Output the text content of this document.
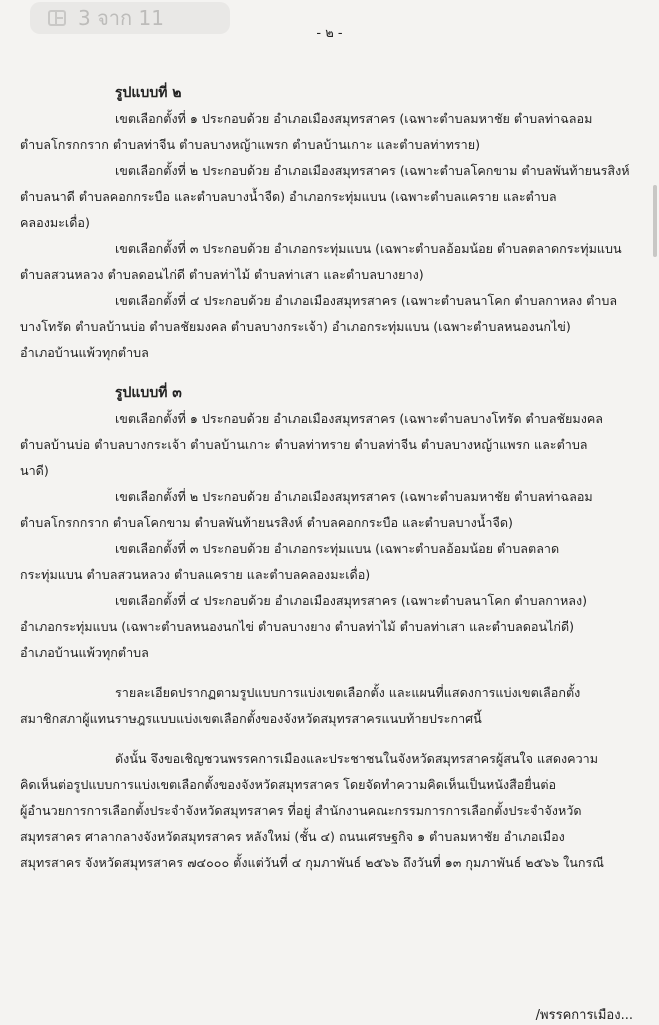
3 จาก 11
- ๒ -

รูปแบบที่ ๒

เขตเลือกตั้งที่ ๑ ประกอบด้วย อำเภอเมืองสมุทรสาคร (เฉพาะตำบลมหาชัย ตำบลท่าฉลอม

ตำบลโกรกกราก ตำบลท่าจีน ตำบลบางหญ้าแพรก ตำบลบ้านเกาะ และตำบลท่าทราย)

เขตเลือกตั้งที่ ๒ ประกอบด้วย อำเภอเมืองสมุทรสาคร (เฉพาะตำบลโคกขาม ตำบลพันท้ายนรสิงห์

ตำบลนาดี ตำบลคอกกระบือ และตำบลบางน้ำจืด) อำเภอกระทุ่มแบน (เฉพาะตำบลแคราย และตำบล

คลองมะเดื่อ)

เขตเลือกตั้งที่ ๓ ประกอบด้วย อำเภอกระทุ่มแบน (เฉพาะตำบลอ้อมน้อย ตำบลตลาดกระทุ่มแบน

ตำบลสวนหลวง ตำบลดอนไก่ดี ตำบลท่าไม้ ตำบลท่าเสา และตำบลบางยาง)

เขตเลือกตั้งที่ ๔ ประกอบด้วย อำเภอเมืองสมุทรสาคร (เฉพาะตำบลนาโคก ตำบลกาหลง ตำบล

บางโทรัด ตำบลบ้านบ่อ ตำบลชัยมงคล ตำบลบางกระเจ้า) อำเภอกระทุ่มแบน (เฉพาะตำบลหนองนกไข่)

อำเภอบ้านแพ้วทุกตำบล

รูปแบบที่ ๓

เขตเลือกตั้งที่ ๑ ประกอบด้วย อำเภอเมืองสมุทรสาคร (เฉพาะตำบลบางโทรัด ตำบลชัยมงคล

ตำบลบ้านบ่อ ตำบลบางกระเจ้า ตำบลบ้านเกาะ ตำบลท่าทราย ตำบลท่าจีน ตำบลบางหญ้าแพรก และตำบล

นาดี)

เขตเลือกตั้งที่ ๒ ประกอบด้วย อำเภอเมืองสมุทรสาคร (เฉพาะตำบลมหาชัย ตำบลท่าฉลอม

ตำบลโกรกกราก ตำบลโคกขาม ตำบลพันท้ายนรสิงห์ ตำบลคอกกระบือ และตำบลบางน้ำจืด)

เขตเลือกตั้งที่ ๓ ประกอบด้วย อำเภอกระทุ่มแบน (เฉพาะตำบลอ้อมน้อย ตำบลตลาด

กระทุ่มแบน ตำบลสวนหลวง ตำบลแคราย และตำบลคลองมะเดื่อ)

เขตเลือกตั้งที่ ๔ ประกอบด้วย อำเภอเมืองสมุทรสาคร (เฉพาะตำบลนาโคก ตำบลกาหลง)

อำเภอกระทุ่มแบน (เฉพาะตำบลหนองนกไข่ ตำบลบางยาง ตำบลท่าไม้ ตำบลท่าเสา และตำบลดอนไก่ดี)

อำเภอบ้านแพ้วทุกตำบล

รายละเอียดปรากฏตามรูปแบบการแบ่งเขตเลือกตั้ง และแผนที่แสดงการแบ่งเขตเลือกตั้ง

สมาชิกสภาผู้แทนราษฎรแบบแบ่งเขตเลือกตั้งของจังหวัดสมุทรสาครแนบท้ายประกาศนี้

ดังนั้น จึงขอเชิญชวนพรรคการเมืองและประชาชนในจังหวัดสมุทรสาครผู้สนใจ แสดงความ

คิดเห็นต่อรูปแบบการแบ่งเขตเลือกตั้งของจังหวัดสมุทรสาคร โดยจัดทำความคิดเห็นเป็นหนังสือยื่นต่อ

ผู้อำนวยการการเลือกตั้งประจำจังหวัดสมุทรสาคร ที่อยู่ สำนักงานคณะกรรมการการเลือกตั้งประจำจังหวัด

สมุทรสาคร ศาลากลางจังหวัดสมุทรสาคร หลังใหม่ (ชั้น ๔) ถนนเศรษฐกิจ ๑ ตำบลมหาชัย อำเภอเมือง

สมุทรสาคร จังหวัดสมุทรสาคร ๗๔๐๐๐ ตั้งแต่วันที่ ๔ กุมภาพันธ์ ๒๕๖๖ ถึงวันที่ ๑๓ กุมภาพันธ์ ๒๕๖๖ ในกรณี

/พรรคการเมือง...
